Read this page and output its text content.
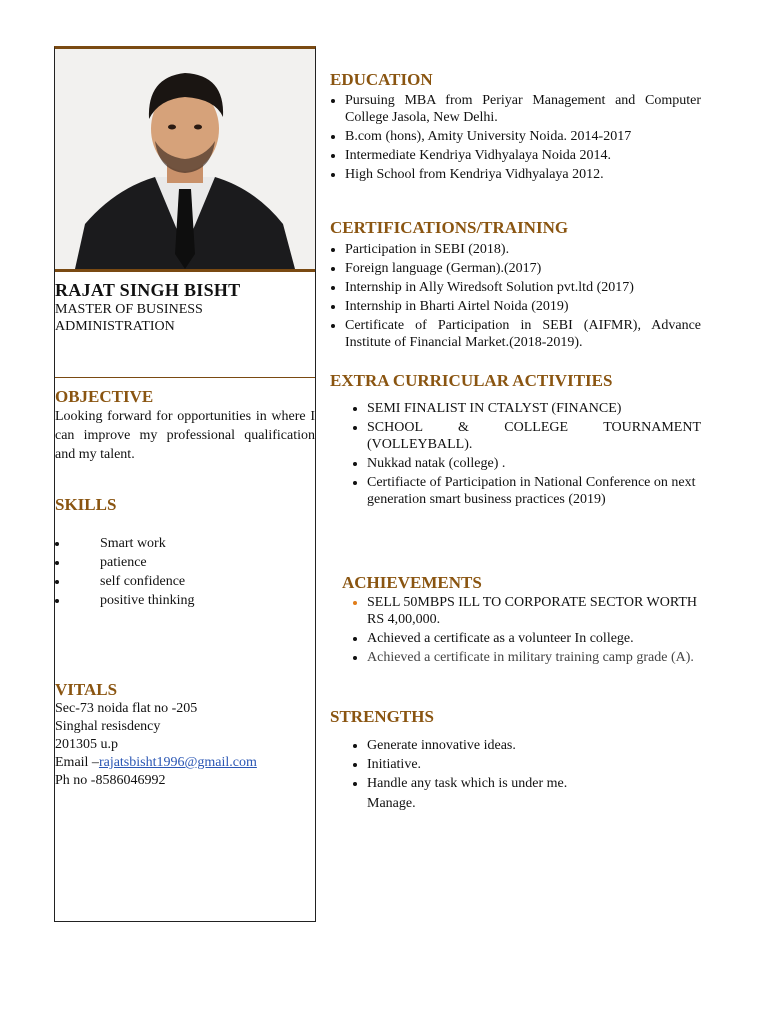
RAJAT SINGH BISHT
MASTER OF BUSINESS ADMINISTRATION
OBJECTIVE
Looking forward for opportunities in where I can improve my professional qualification and my talent.
SKILLS
Smart work
patience
self confidence
positive thinking
VITALS
Sec-73 noida flat no -205
Singhal resisdency
201305 u.p
Email –rajatsbisht1996@gmail.com
Ph no -8586046992
EDUCATION
Pursuing MBA from Periyar Management and Computer College Jasola, New Delhi.
B.com (hons), Amity University Noida. 2014-2017
Intermediate Kendriya Vidhyalaya Noida 2014.
High School from Kendriya Vidhyalaya 2012.
CERTIFICATIONS/TRAINING
Participation in SEBI (2018).
Foreign language (German).(2017)
Internship in Ally Wiredsoft Solution pvt.ltd (2017)
Internship in Bharti Airtel Noida (2019)
Certificate of Participation in SEBI (AIFMR), Advance Institute of Financial Market.(2018-2019).
EXTRA CURRICULAR ACTIVITIES
SEMI FINALIST IN CTALYST (FINANCE)
SCHOOL & COLLEGE TOURNAMENT (VOLLEYBALL).
Nukkad natak (college) .
Certifiacte of Participation in National Conference on next generation smart business practices (2019)
ACHIEVEMENTS
SELL 50MBPS ILL TO CORPORATE SECTOR WORTH RS 4,00,000.
Achieved a certificate as a volunteer In college.
Achieved a certificate in military training camp grade (A).
STRENGTHS
Generate innovative ideas.
Initiative.
Handle any task which is under me.
Manage.
